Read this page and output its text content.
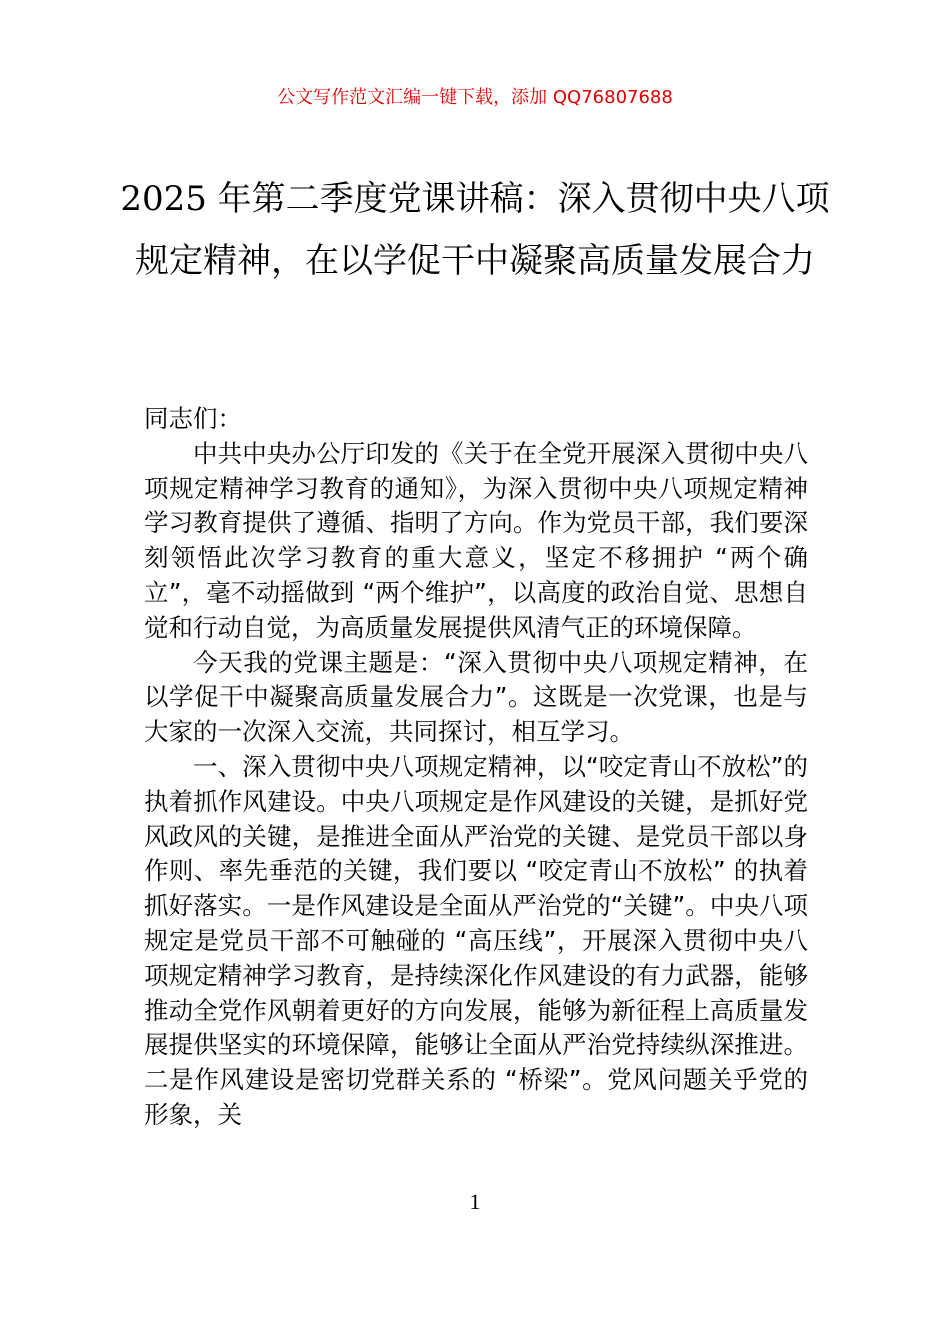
公文写作范文汇编一键下载，添加 QQ76807688
2025 年第二季度党课讲稿：深入贯彻中央八项规定精神，在以学促干中凝聚高质量发展合力

同志们：

中共中央办公厅印发的《关于在全党开展深入贯彻中央八项规定精神学习教育的通知》，为深入贯彻中央八项规定精神学习教育提供了遵循、指明了方向。作为党员干部，我们要深刻领悟此次学习教育的重大意义，坚定不移拥护 “两个确立”，毫不动摇做到 “两个维护”，以高度的政治自觉、思想自觉和行动自觉，为高质量发展提供风清气正的环境保障。

今天我的党课主题是：“深入贯彻中央八项规定精神，在以学促干中凝聚高质量发展合力”。这既是一次党课，也是与大家的一次深入交流，共同探讨，相互学习。

一、深入贯彻中央八项规定精神，以“咬定青山不放松”的执着抓作风建设。中央八项规定是作风建设的关键，是抓好党风政风的关键，是推进全面从严治党的关键、是党员干部以身作则、率先垂范的关键，我们要以 “咬定青山不放松” 的执着抓好落实。一是作风建设是全面从严治党的“关键”。中央八项规定是党员干部不可触碰的 “高压线”，开展深入贯彻中央八项规定精神学习教育，是持续深化作风建设的有力武器，能够推动全党作风朝着更好的方向发展，能够为新征程上高质量发展提供坚实的环境保障，能够让全面从严治党持续纵深推进。二是作风建设是密切党群关系的 “桥梁”。党风问题关乎党的形象，关

1
